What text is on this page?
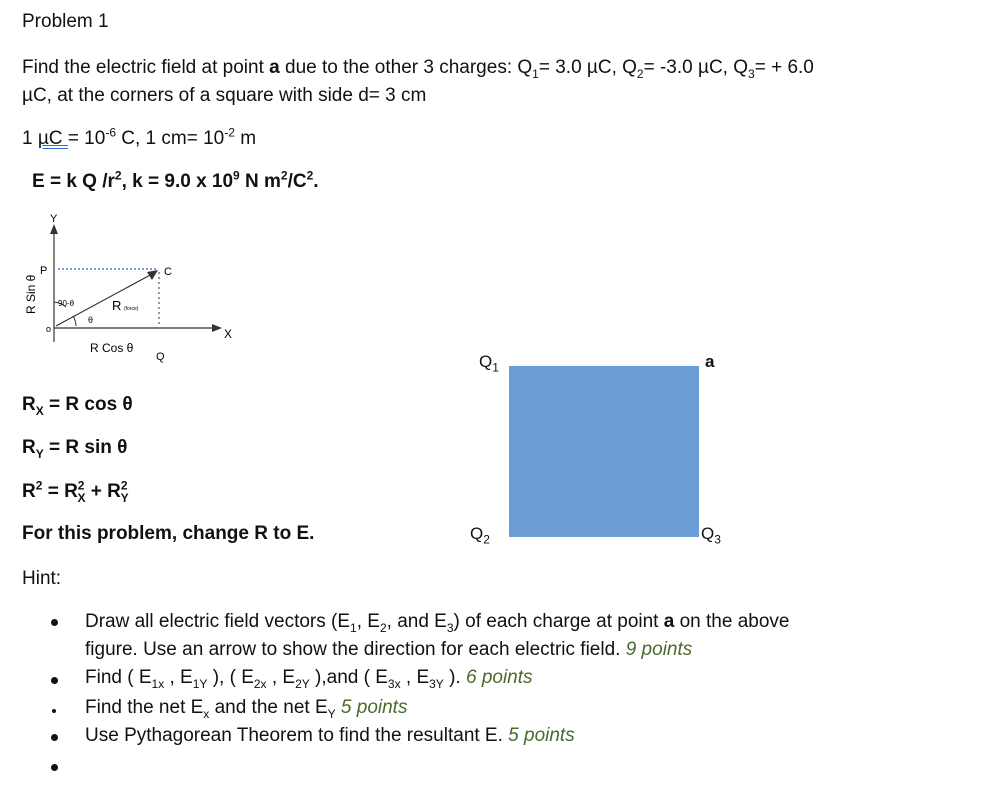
Problem 1
Find the electric field at point a due to the other 3 charges: $Q_1= 3.0$ µC, $Q_2= -3.0$ µC, $Q_3= + 6.0$
µC, at the corners of a square with side d= 3 cm
1 $\mu C = 10^{-6}$ C, 1 $cm= 10^{-2}$ m
E = k Q $/r^2$, k = 9.0 x $10^9$ N $m^2/C^2$.
Y
X
P	C
Q
R (force)
90-θ
θ
R Cos θ
o
R Sin θ
$R_X = R$ cos θ
$R_Y = R$ sin θ
$R^2 = R^2_X + R^2_Y$
For this problem, change R to E.
$Q_1$	a
$Q_2$	$Q_3$
Hint:
Draw all electric field vectors ($E_1$, $E_2$, and $E_3$) of each charge at point a on the above
figure. Use an arrow to show the direction for each electric field. 9 points
Find ( $E_{1x}$ , $E_{1Y}$ ), ( $E_{2x}$ , $E_{2Y}$ ),and ( $E_{3x}$ , $E_{3Y}$ ). 6 points
Find the net $E_x$ and the net $E_Y$ 5 points
Use Pythagorean Theorem to find the resultant E. 5 points
